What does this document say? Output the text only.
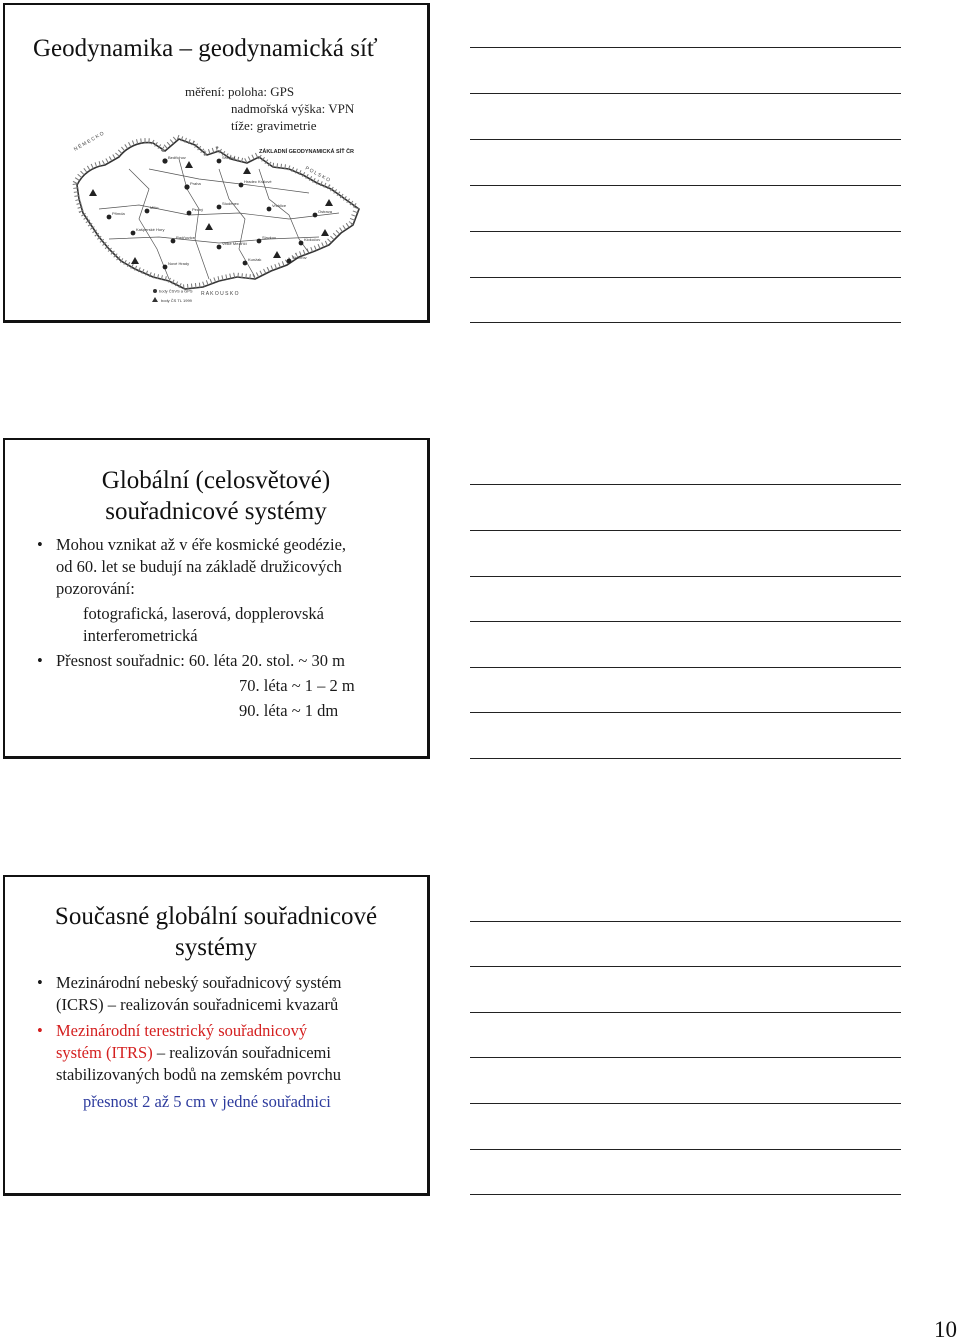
Geodynamika – geodynamická síť
měření: poloha: GPS
nadmořská výška: VPN
tíže: gravimetrie
ZÁKLADNÍ GEODYNAMICKÁ SÍŤ ČR
N Ě M E C K O
P O L S K O
R A K O U S K O
Bedřichov	Sněžka
Praha	Hradec Králové
Přimda
Milín	Pecný
Studenec	Vrchlice
Ostrava
Radňovice
Velké Meziříčí
Slavkov	Klokočov
Nové Hrady
Kunžak	Skuhrov
Kašperské Hory
body ČSVS a GPS
body ČS TL 1999
Globální (celosvětové)
souřadnicové systémy
• Mohou vznikat až v éře kosmické geodézie,
od 60. let se budují na základě družicových
pozorování:
fotografická, laserová, dopplerovská
interferometrická
• Přesnost souřadnic: 60. léta 20. stol. ~ 30 m
70. léta ~ 1 – 2 m
90. léta ~ 1 dm
Současné globální souřadnicové
systémy
• Mezinárodní nebeský souřadnicový systém
(ICRS) – realizován souřadnicemi kvazarů
• Mezinárodní terestrický souřadnicový
systém (ITRS) – realizován souřadnicemi
stabilizovaných bodů na zemském povrchu
přesnost 2 až 5 cm v jedné souřadnici
10
